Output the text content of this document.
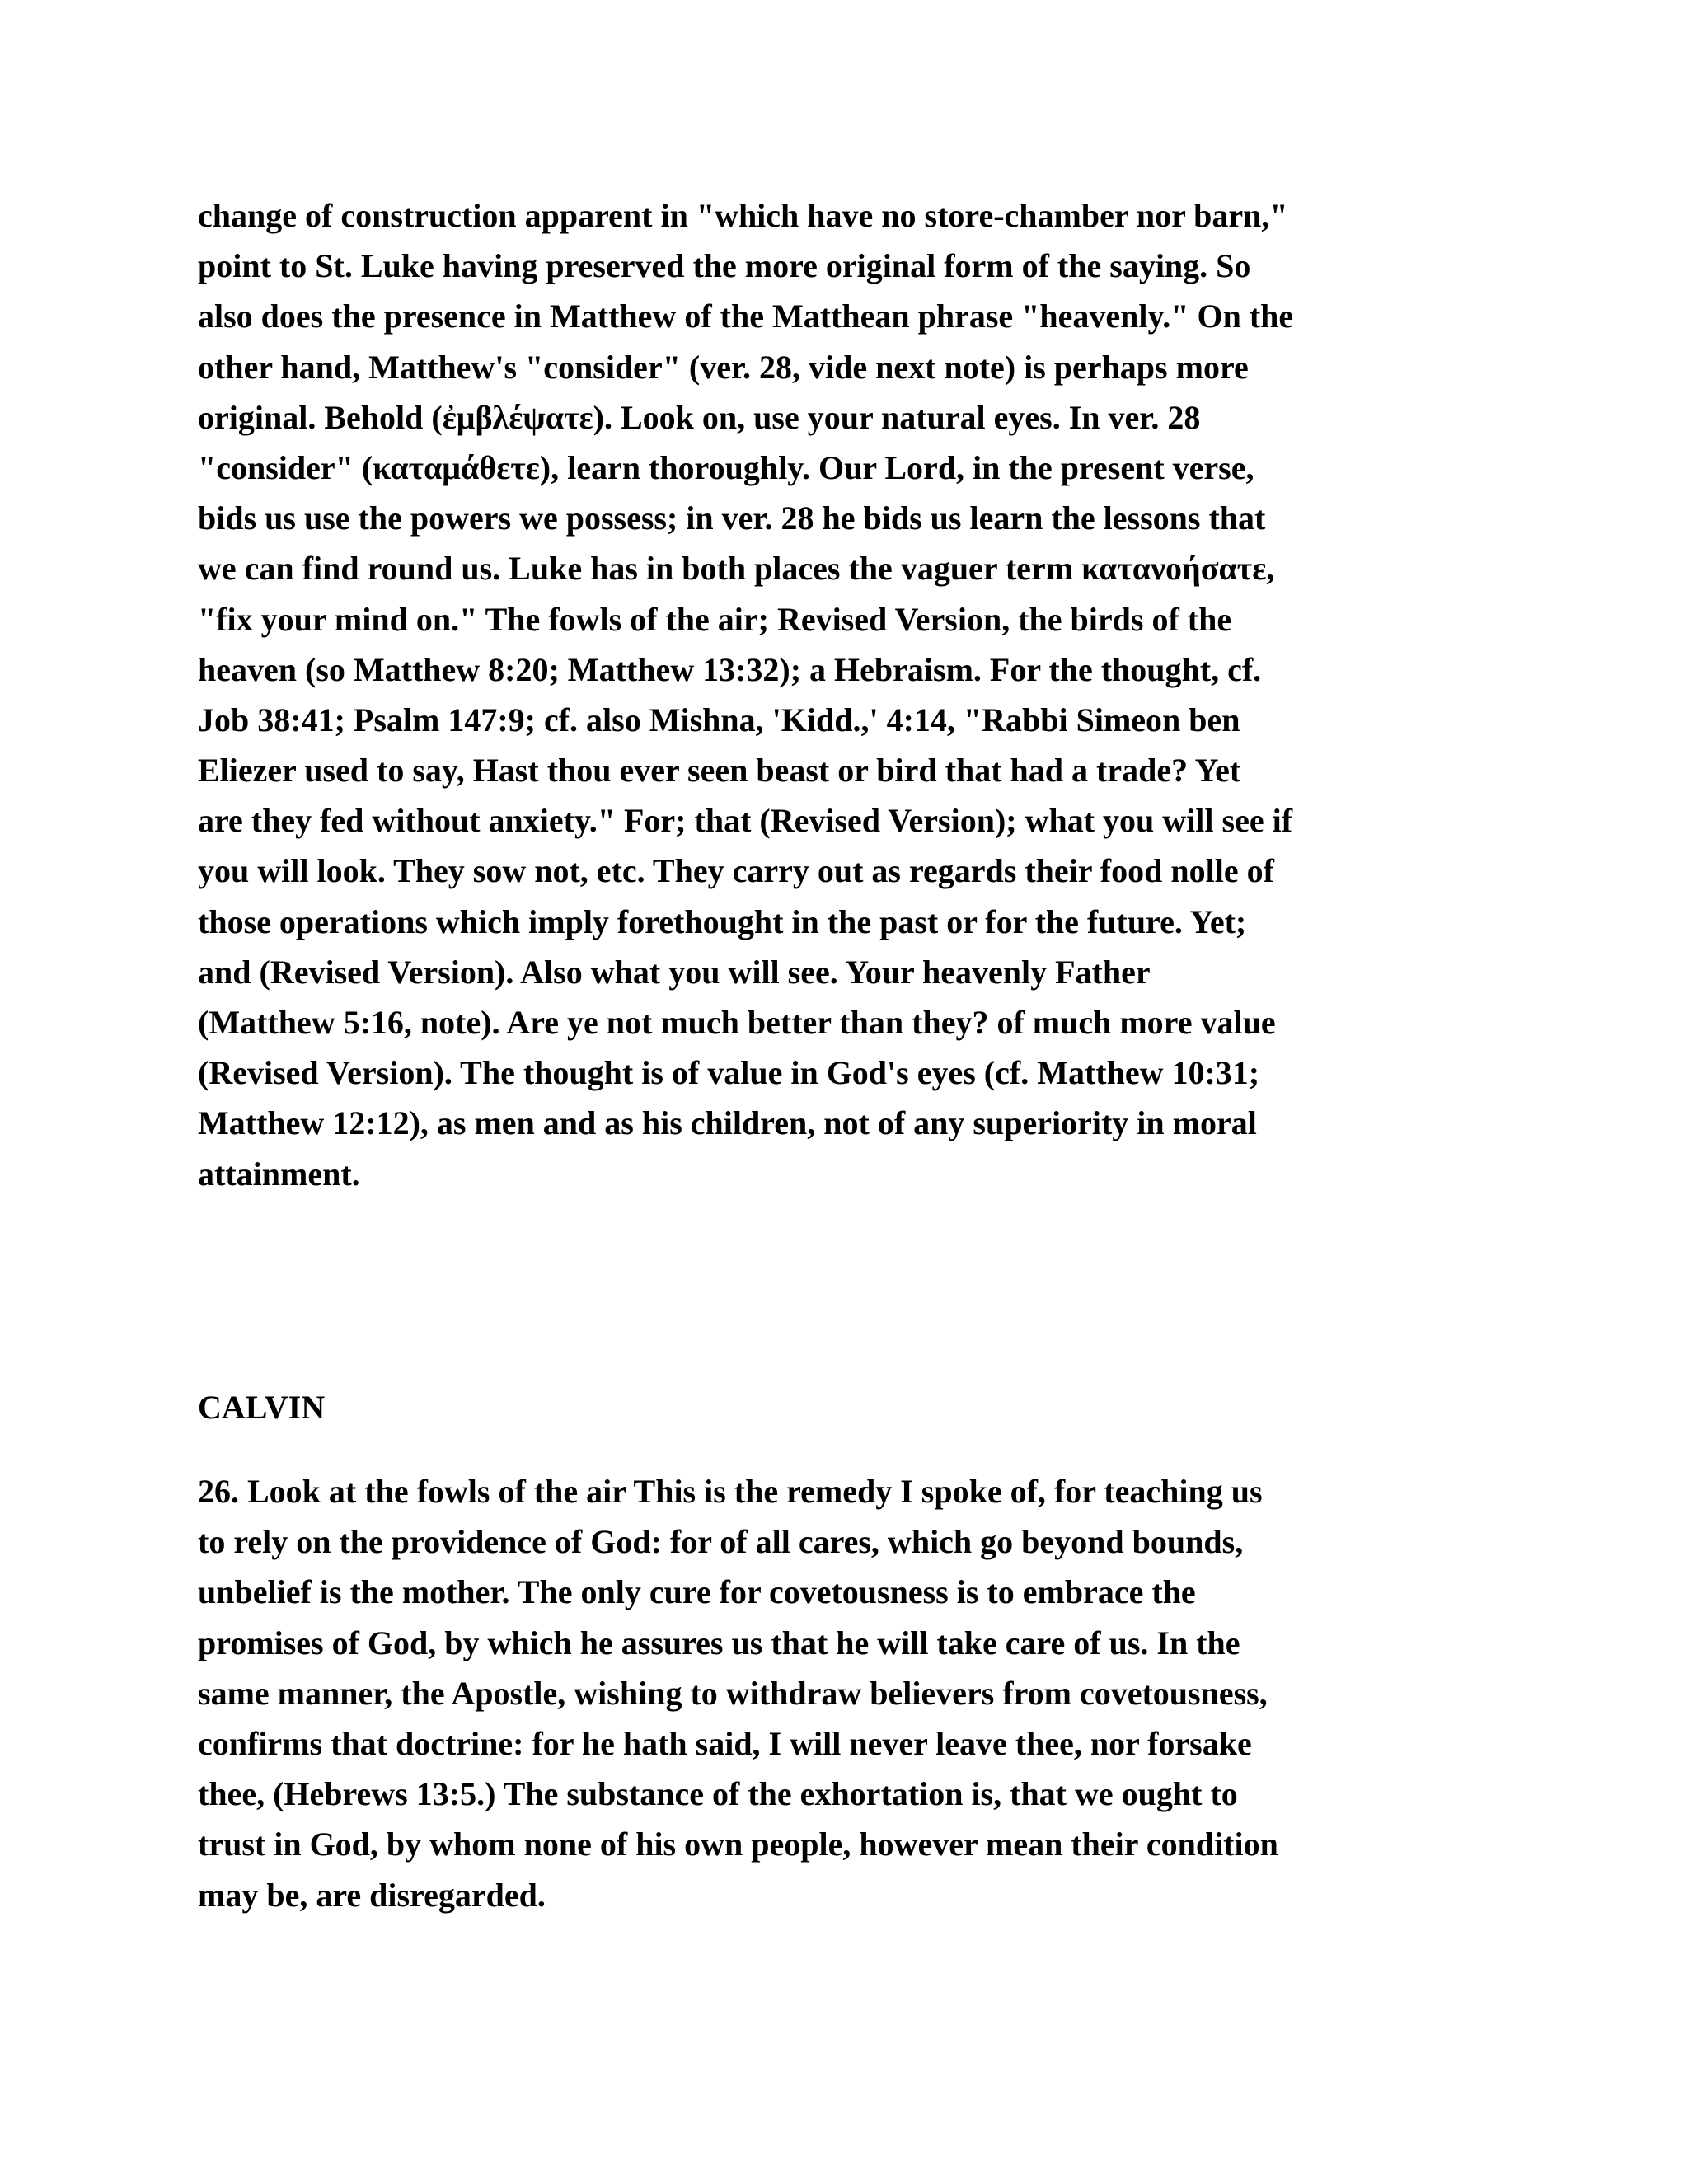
change of construction apparent in "which have no store-chamber nor barn,"
point to St. Luke having preserved the more original form of the saying. So
also does the presence in Matthew of the Matthean phrase "heavenly." On the
other hand, Matthew's "consider" (ver. 28, vide next note) is perhaps more
original. Behold (ἐμβλέψατε). Look on, use your natural eyes. In ver. 28
"consider" (καταμάθετε), learn thoroughly. Our Lord, in the present verse,
bids us use the powers we possess; in ver. 28 he bids us learn the lessons that
we can find round us. Luke has in both places the vaguer term κατανοήσατε,
"fix your mind on." The fowls of the air; Revised Version, the birds of the
heaven (so Matthew 8:20; Matthew 13:32); a Hebraism. For the thought, cf.
Job 38:41; Psalm 147:9; cf. also Mishna, 'Kidd.,' 4:14, "Rabbi Simeon ben
Eliezer used to say, Hast thou ever seen beast or bird that had a trade? Yet
are they fed without anxiety." For; that (Revised Version); what you will see if
you will look. They sow not, etc. They carry out as regards their food nolle of
those operations which imply forethought in the past or for the future. Yet;
and (Revised Version). Also what you will see. Your heavenly Father
(Matthew 5:16, note). Are ye not much better than they? of much more value
(Revised Version). The thought is of value in God's eyes (cf. Matthew 10:31;
Matthew 12:12), as men and as his children, not of any superiority in moral
attainment.
CALVIN
26. Look at the fowls of the air This is the remedy I spoke of, for teaching us
to rely on the providence of God: for of all cares, which go beyond bounds,
unbelief is the mother. The only cure for covetousness is to embrace the
promises of God, by which he assures us that he will take care of us. In the
same manner, the Apostle, wishing to withdraw believers from covetousness,
confirms that doctrine: for he hath said, I will never leave thee, nor forsake
thee, (Hebrews 13:5.) The substance of the exhortation is, that we ought to
trust in God, by whom none of his own people, however mean their condition
may be, are disregarded.
